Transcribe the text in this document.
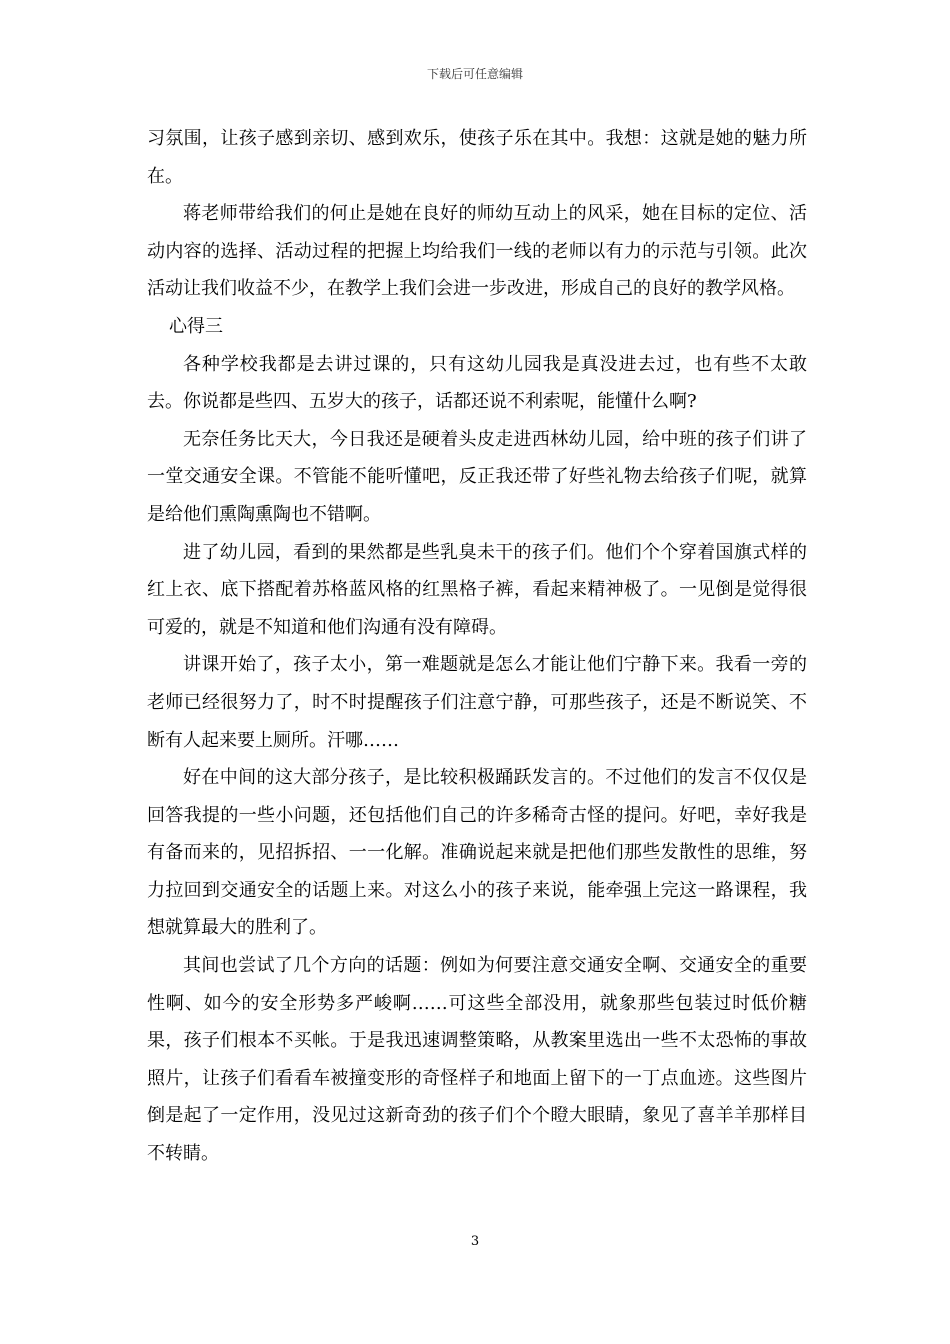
下载后可任意编辑

习氛围，让孩子感到亲切、感到欢乐，使孩子乐在其中。我想：这就是她的魅力所在。

蒋老师带给我们的何止是她在良好的师幼互动上的风采，她在目标的定位、活动内容的选择、活动过程的把握上均给我们一线的老师以有力的示范与引领。此次活动让我们收益不少，在教学上我们会进一步改进，形成自己的良好的教学风格。

心得三

各种学校我都是去讲过课的，只有这幼儿园我是真没进去过，也有些不太敢去。你说都是些四、五岁大的孩子，话都还说不利索呢，能懂什么啊?

无奈任务比天大，今日我还是硬着头皮走进西林幼儿园，给中班的孩子们讲了一堂交通安全课。不管能不能听懂吧，反正我还带了好些礼物去给孩子们呢，就算是给他们熏陶熏陶也不错啊。

进了幼儿园，看到的果然都是些乳臭未干的孩子们。他们个个穿着国旗式样的红上衣、底下搭配着苏格蓝风格的红黑格子裤，看起来精神极了。一见倒是觉得很可爱的，就是不知道和他们沟通有没有障碍。

讲课开始了，孩子太小，第一难题就是怎么才能让他们宁静下来。我看一旁的老师已经很努力了，时不时提醒孩子们注意宁静，可那些孩子，还是不断说笑、不断有人起来要上厕所。汗哪……

好在中间的这大部分孩子，是比较积极踊跃发言的。不过他们的发言不仅仅是回答我提的一些小问题，还包括他们自己的许多稀奇古怪的提问。好吧，幸好我是有备而来的，见招拆招、一一化解。准确说起来就是把他们那些发散性的思维，努力拉回到交通安全的话题上来。对这么小的孩子来说，能牵强上完这一路课程，我想就算最大的胜利了。

其间也尝试了几个方向的话题：例如为何要注意交通安全啊、交通安全的重要性啊、如今的安全形势多严峻啊……可这些全部没用，就象那些包装过时低价糖果，孩子们根本不买帐。于是我迅速调整策略，从教案里选出一些不太恐怖的事故照片，让孩子们看看车被撞变形的奇怪样子和地面上留下的一丁点血迹。这些图片倒是起了一定作用，没见过这新奇劲的孩子们个个瞪大眼睛，象见了喜羊羊那样目不转睛。

3
